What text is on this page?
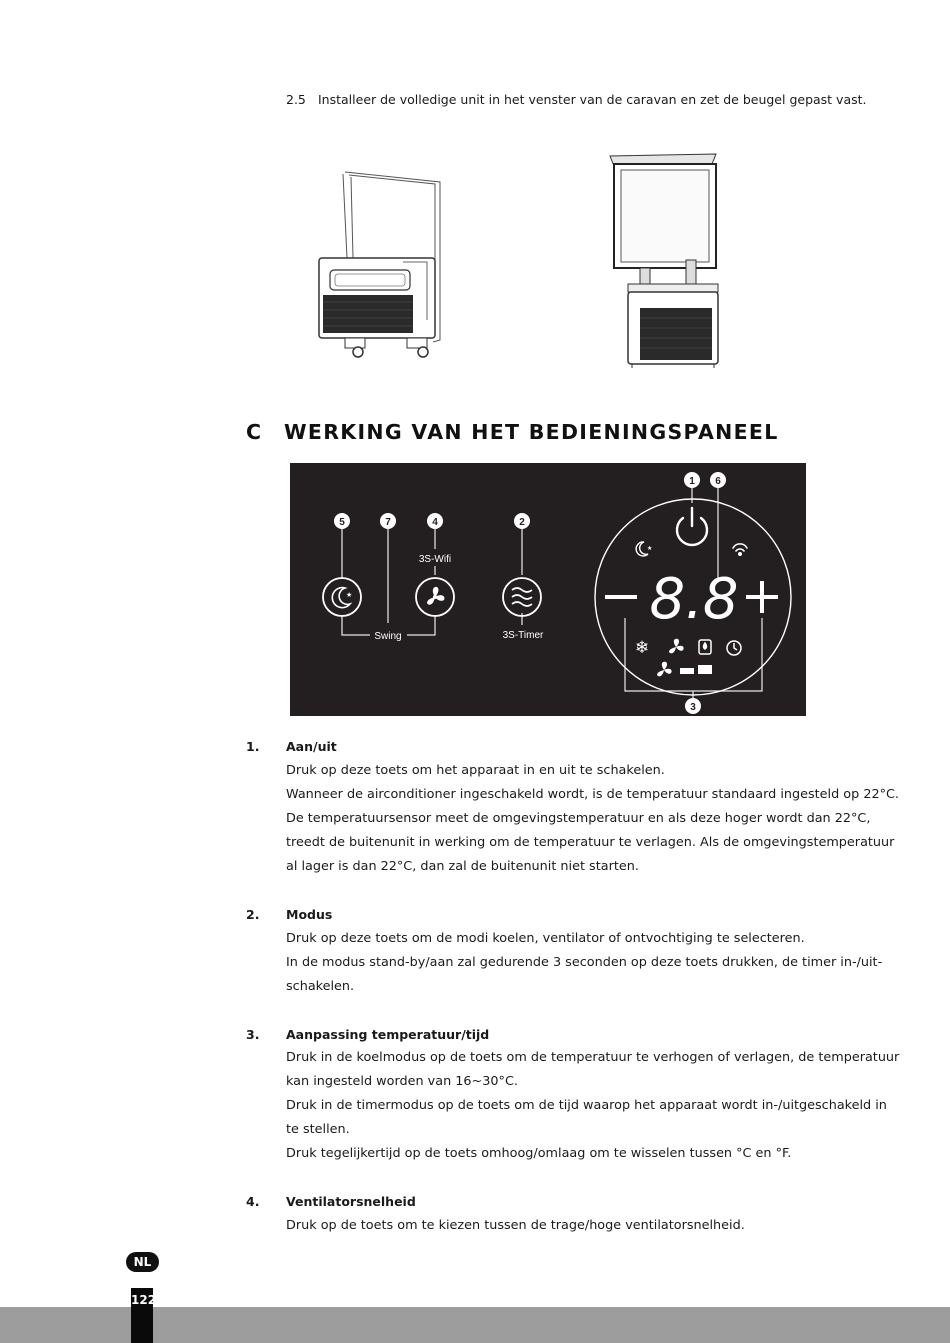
2.5 Installeer de volledige unit in het venster van de caravan en zet de beugel gepast vast.
C WERKING VAN HET BEDIENINGSPANEEL
★
5	7	4	2
1 6
3
3S-Wifi
Swing	3S-Timer
★
8.8
❄
1. Aan/uit
Druk op deze toets om het apparaat in en uit te schakelen.
Wanneer de airconditioner ingeschakeld wordt, is de temperatuur standaard ingesteld op 22°C.
De temperatuursensor meet de omgevingstemperatuur en als deze hoger wordt dan 22°C,
treedt de buitenunit in werking om de temperatuur te verlagen. Als de omgevingstemperatuur
al lager is dan 22°C, dan zal de buitenunit niet starten.
2. Modus
Druk op deze toets om de modi koelen, ventilator of ontvochtiging te selecteren.
In de modus stand-by/aan zal gedurende 3 seconden op deze toets drukken, de timer in-/uit-
schakelen.
3. Aanpassing temperatuur/tijd
Druk in de koelmodus op de toets om de temperatuur te verhogen of verlagen, de temperatuur
kan ingesteld worden van 16~30°C.
Druk in de timermodus op de toets om de tijd waarop het apparaat wordt in-/uitgeschakeld in
te stellen.
Druk tegelijkertijd op de toets omhoog/omlaag om te wisselen tussen °C en °F.
4. Ventilatorsnelheid
Druk op de toets om te kiezen tussen de trage/hoge ventilatorsnelheid.
NL
122
